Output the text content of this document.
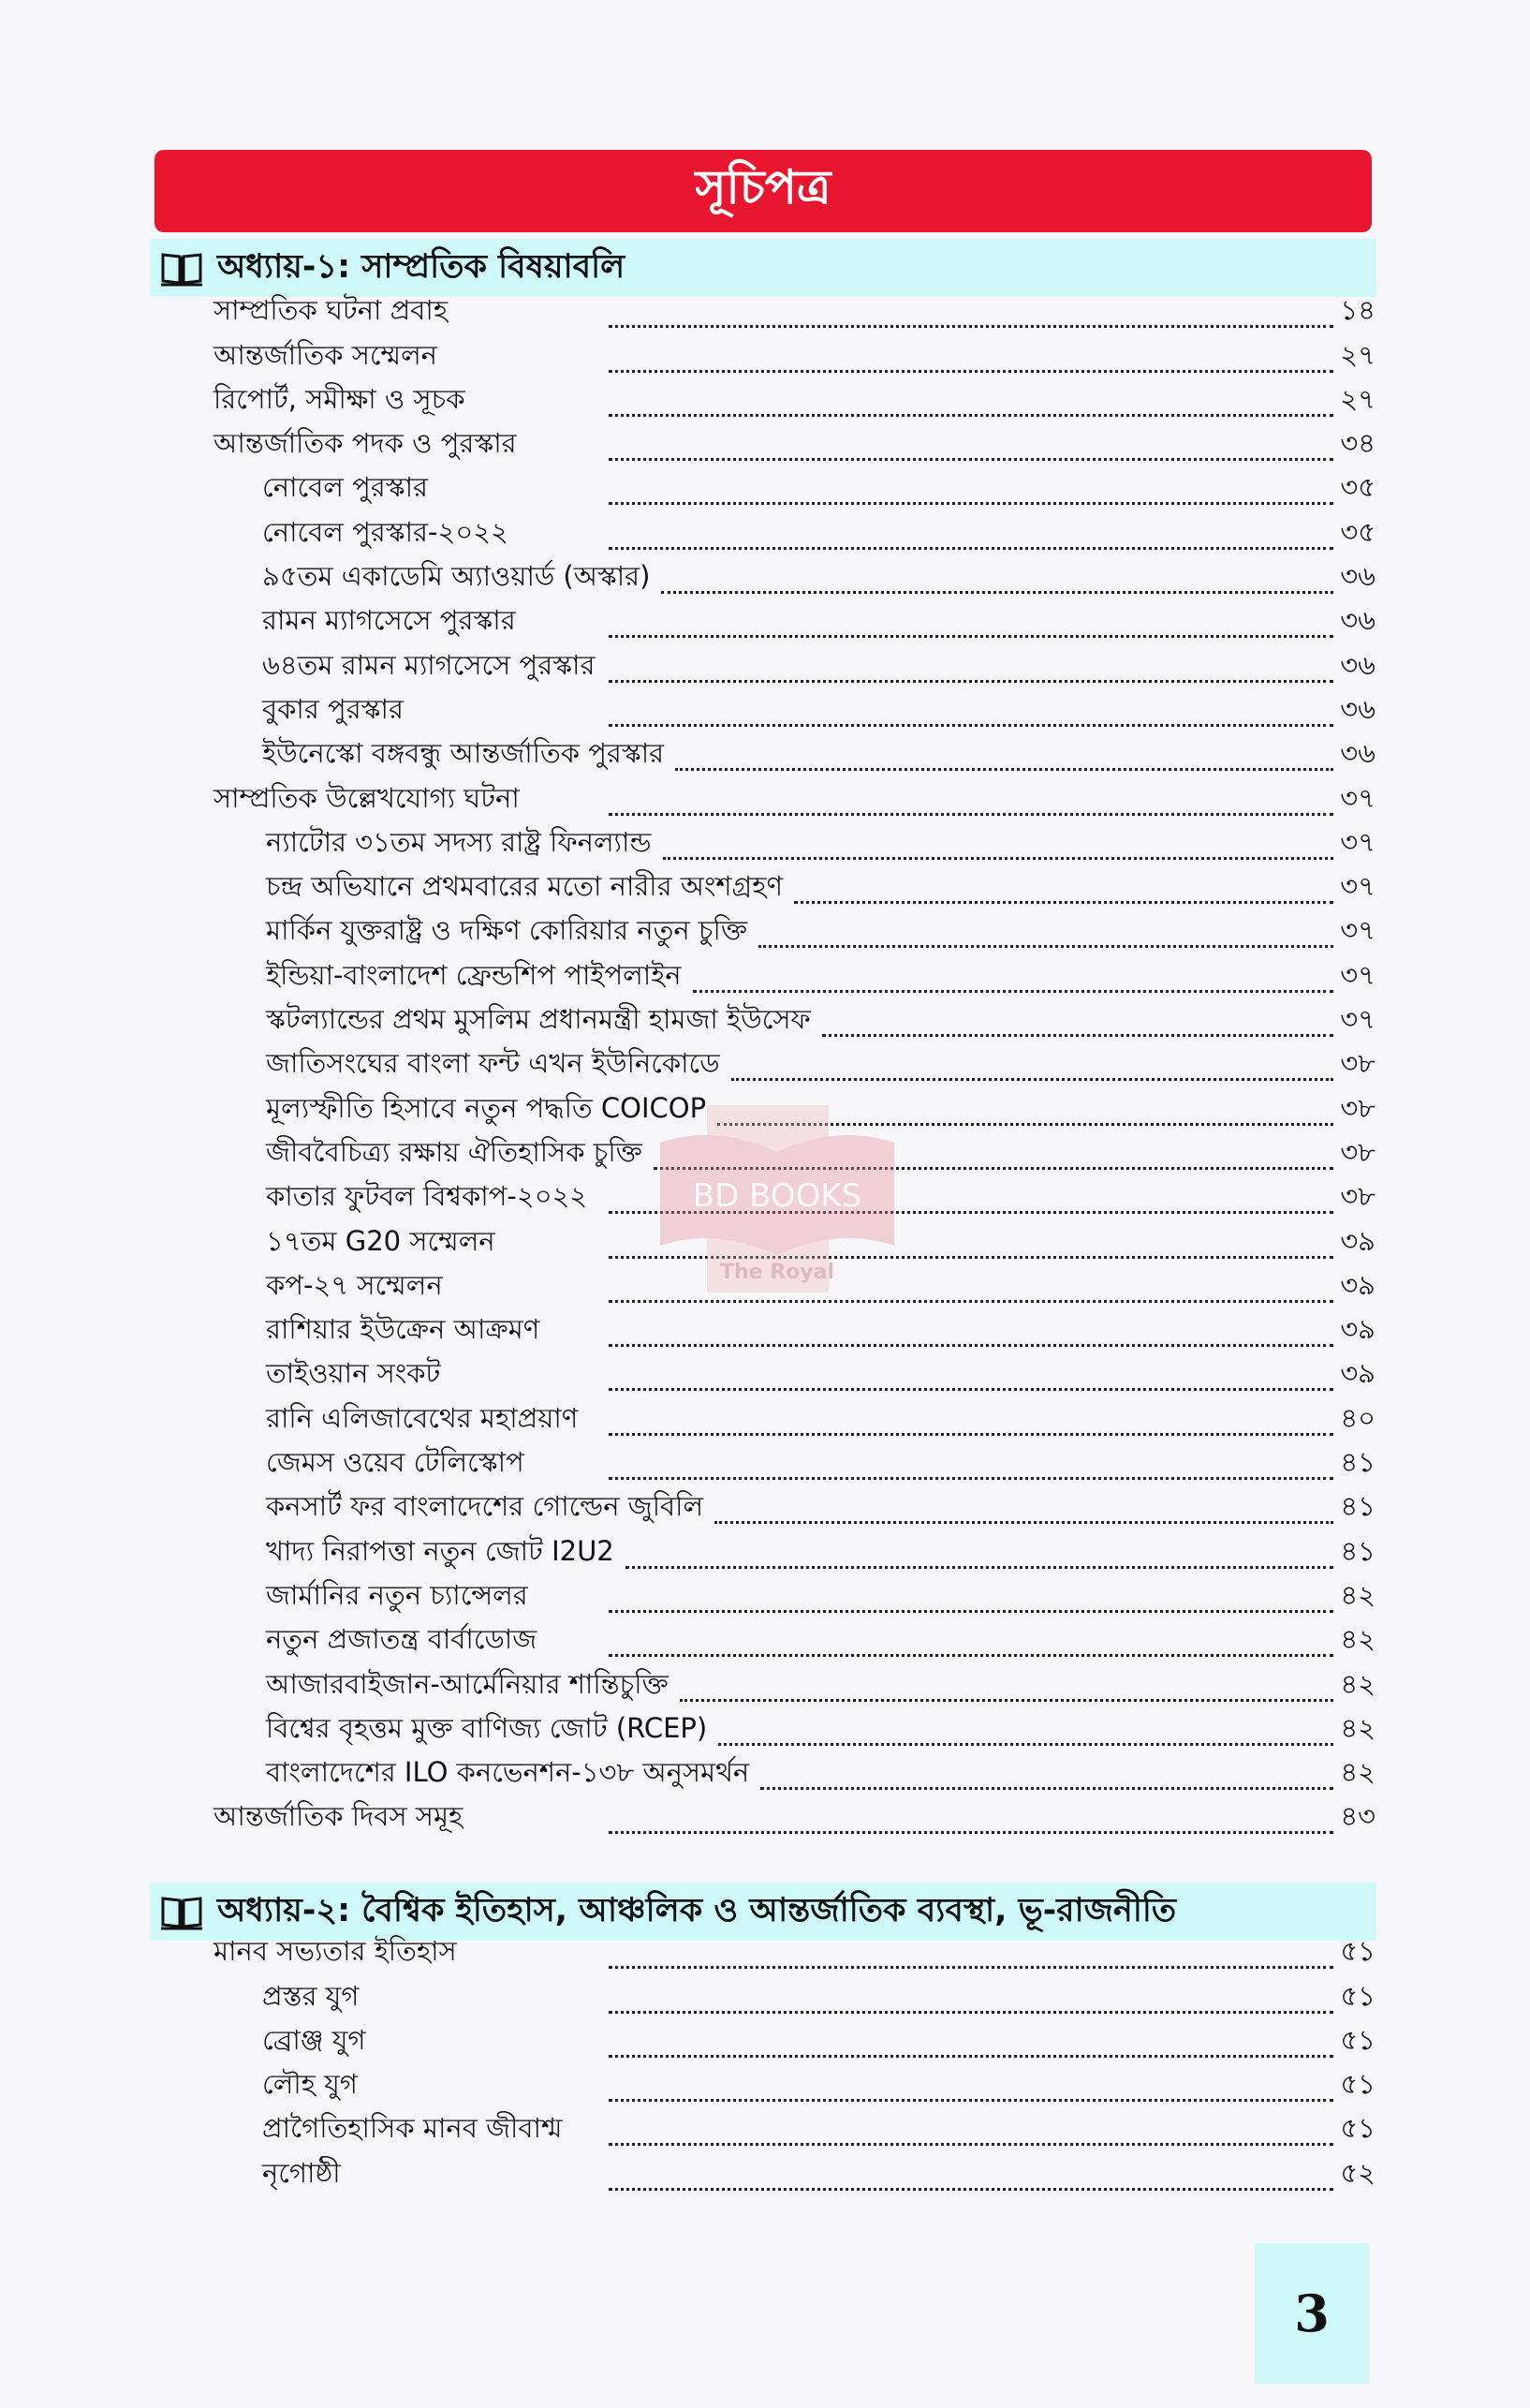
সূচিপত্র
অধ্যায়-১: সাম্প্রতিক বিষয়াবলি
সাম্প্রতিক ঘটনা প্রবাহ	১৪
আন্তর্জাতিক সম্মেলন	২৭
রিপোর্ট, সমীক্ষা ও সূচক	২৭
আন্তর্জাতিক পদক ও পুরস্কার	৩৪
নোবেল পুরস্কার	৩৫
নোবেল পুরস্কার-২০২২	৩৫
৯৫তম একাডেমি অ্যাওয়ার্ড (অস্কার)	৩৬
রামন ম্যাগসেসে পুরস্কার	৩৬
৬৪তম রামন ম্যাগসেসে পুরস্কার	৩৬
বুকার পুরস্কার	৩৬
ইউনেস্কো বঙ্গবন্ধু আন্তর্জাতিক পুরস্কার	৩৬
সাম্প্রতিক উল্লেখযোগ্য ঘটনা	৩৭
ন্যাটোর ৩১তম সদস্য রাষ্ট্র ফিনল্যান্ড	৩৭
চন্দ্র অভিযানে প্রথমবারের মতো নারীর অংশগ্রহণ	৩৭
মার্কিন যুক্তরাষ্ট্র ও দক্ষিণ কোরিয়ার নতুন চুক্তি	৩৭
ইন্ডিয়া-বাংলাদেশ ফ্রেন্ডশিপ পাইপলাইন	৩৭
স্কটল্যান্ডের প্রথম মুসলিম প্রধানমন্ত্রী হামজা ইউসেফ	৩৭
জাতিসংঘের বাংলা ফন্ট এখন ইউনিকোডে	৩৮
মূল্যস্ফীতি হিসাবে নতুন পদ্ধতি COICOP	৩৮
জীববৈচিত্র্য রক্ষায় ঐতিহাসিক চুক্তি	৩৮
কাতার ফুটবল বিশ্বকাপ-২০২২	৩৮
১৭তম G20 সম্মেলন	৩৯
কপ-২৭ সম্মেলন	৩৯
রাশিয়ার ইউক্রেন আক্রমণ	৩৯
তাইওয়ান সংকট	৩৯
রানি এলিজাবেথের মহাপ্রয়াণ	৪০
জেমস ওয়েব টেলিস্কোপ	৪১
কনসার্ট ফর বাংলাদেশের গোল্ডেন জুবিলি	৪১
খাদ্য নিরাপত্তা নতুন জোট I2U2	৪১
জার্মানির নতুন চ্যান্সেলর	৪২
নতুন প্রজাতন্ত্র বার্বাডোজ	৪২
আজারবাইজান-আর্মেনিয়ার শান্তিচুক্তি	৪২
বিশ্বের বৃহত্তম মুক্ত বাণিজ্য জোট (RCEP)	৪২
বাংলাদেশের ILO কনভেনশন-১৩৮ অনুসমর্থন	৪২
আন্তর্জাতিক দিবস সমূহ	৪৩
অধ্যায়-২: বৈশ্বিক ইতিহাস, আঞ্চলিক ও আন্তর্জাতিক ব্যবস্থা, ভূ-রাজনীতি
মানব সভ্যতার ইতিহাস	৫১
প্রস্তর যুগ	৫১
ব্রোঞ্জ যুগ	৫১
লৌহ যুগ	৫১
প্রাগৈতিহাসিক মানব জীবাশ্ম	৫১
নৃগোষ্ঠী	৫২
BD BOOKS
The Royal
3
